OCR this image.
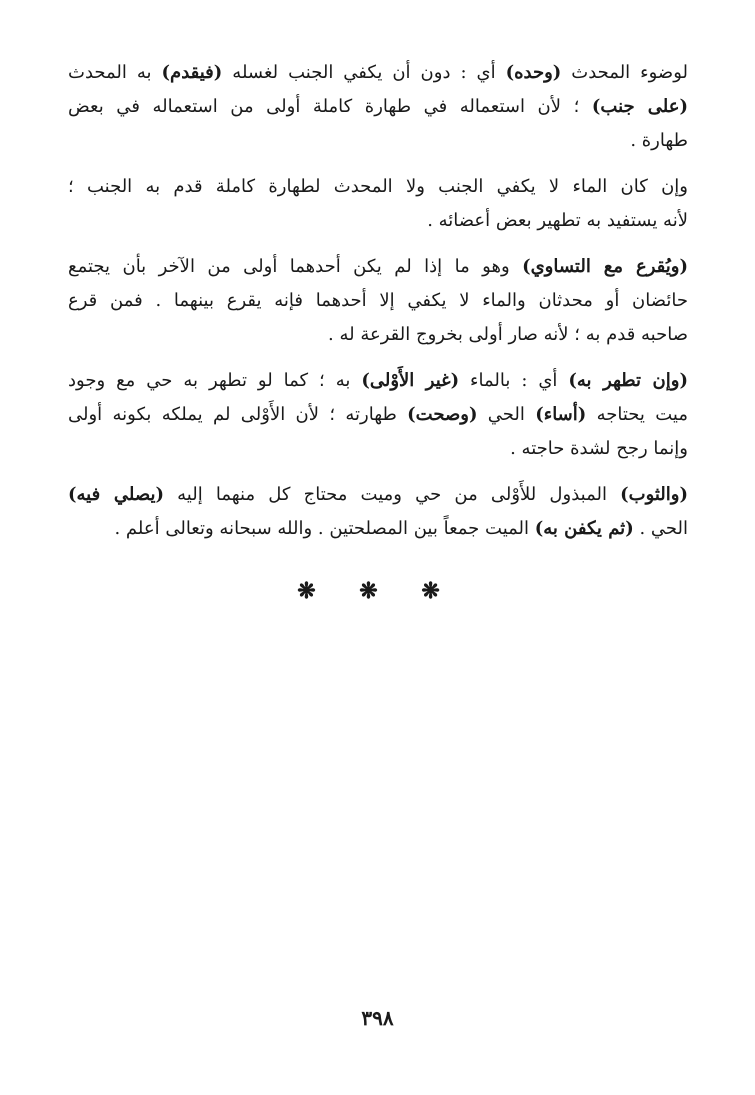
لوضوء المحدث (وحده) أي : دون أن يكفي الجنب لغسله (فيقدم) به المحدث
(على جنب) ؛ لأن استعماله في طهارة كاملة أولى من استعماله في بعض
طهارة .
وإن كان الماء لا يكفي الجنب ولا المحدث لطهارة كاملة قدم به الجنب ؛
لأنه يستفيد به تطهير بعض أعضائه .
(ويُقرع مع التساوي) وهو ما إذا لم يكن أحدهما أولى من الآخر بأن يجتمع
حائضان أو محدثان والماء لا يكفي إلا أحدهما فإنه يقرع بينهما . فمن قرع
صاحبه قدم به ؛ لأنه صار أولى بخروج القرعة له .
(وإن تطهر به) أي : بالماء (غير الأَوْلى) به ؛ كما لو تطهر به حي مع وجود
ميت يحتاجه (أساء) الحي (وصحت) طهارته ؛ لأن الأَوْلى لم يملكه بكونه أولى
وإنما رجح لشدة حاجته .
(والثوب) المبذول للأَوْلى من حي وميت محتاج كل منهما إليه (يصلي فيه)
الحي . (ثم يكفن به) الميت جمعاً بين المصلحتين . والله سبحانه وتعالى أعلم .
❋ ❋ ❋
٣٩٨
